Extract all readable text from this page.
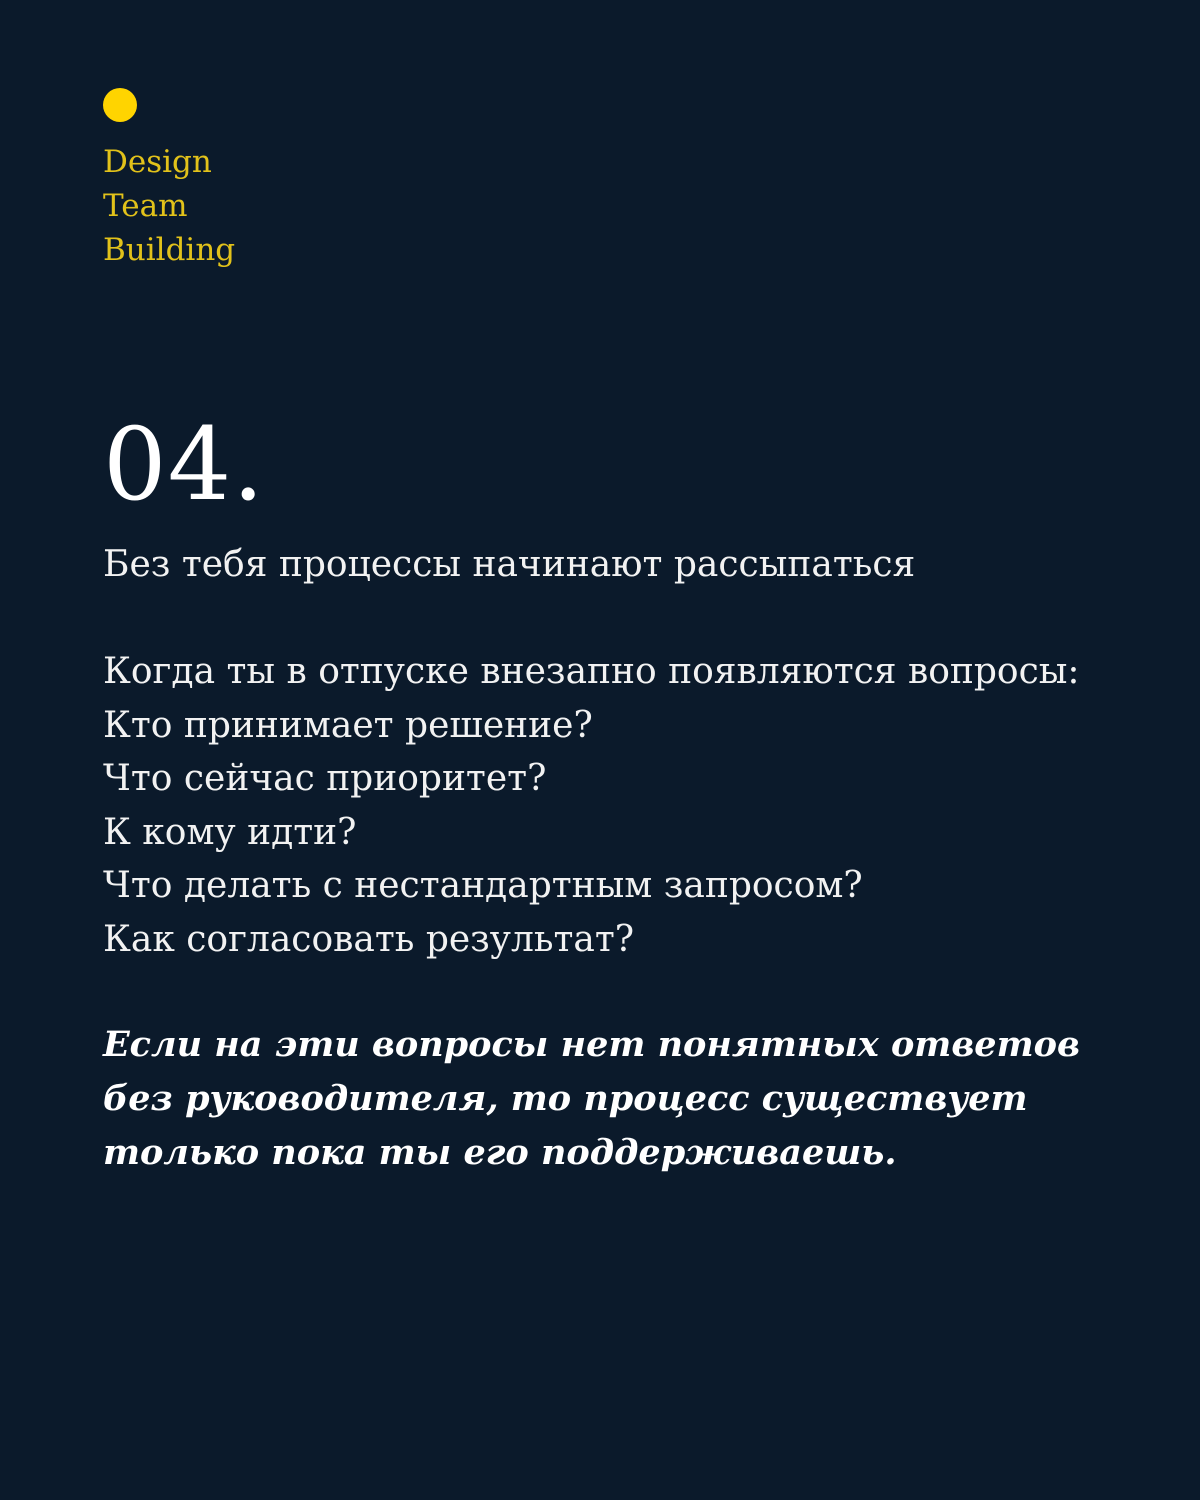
Design
Team
Building
04.
Без тебя процессы начинают рассыпаться
Когда ты в отпуске внезапно появляются вопросы:
Кто принимает решение?
Что сейчас приоритет?
К кому идти?
Что делать с нестандартным запросом?
Как согласовать результат?

Если на эти вопросы нет понятных ответов без руководителя, то процесс существует только пока ты его поддерживаешь.
